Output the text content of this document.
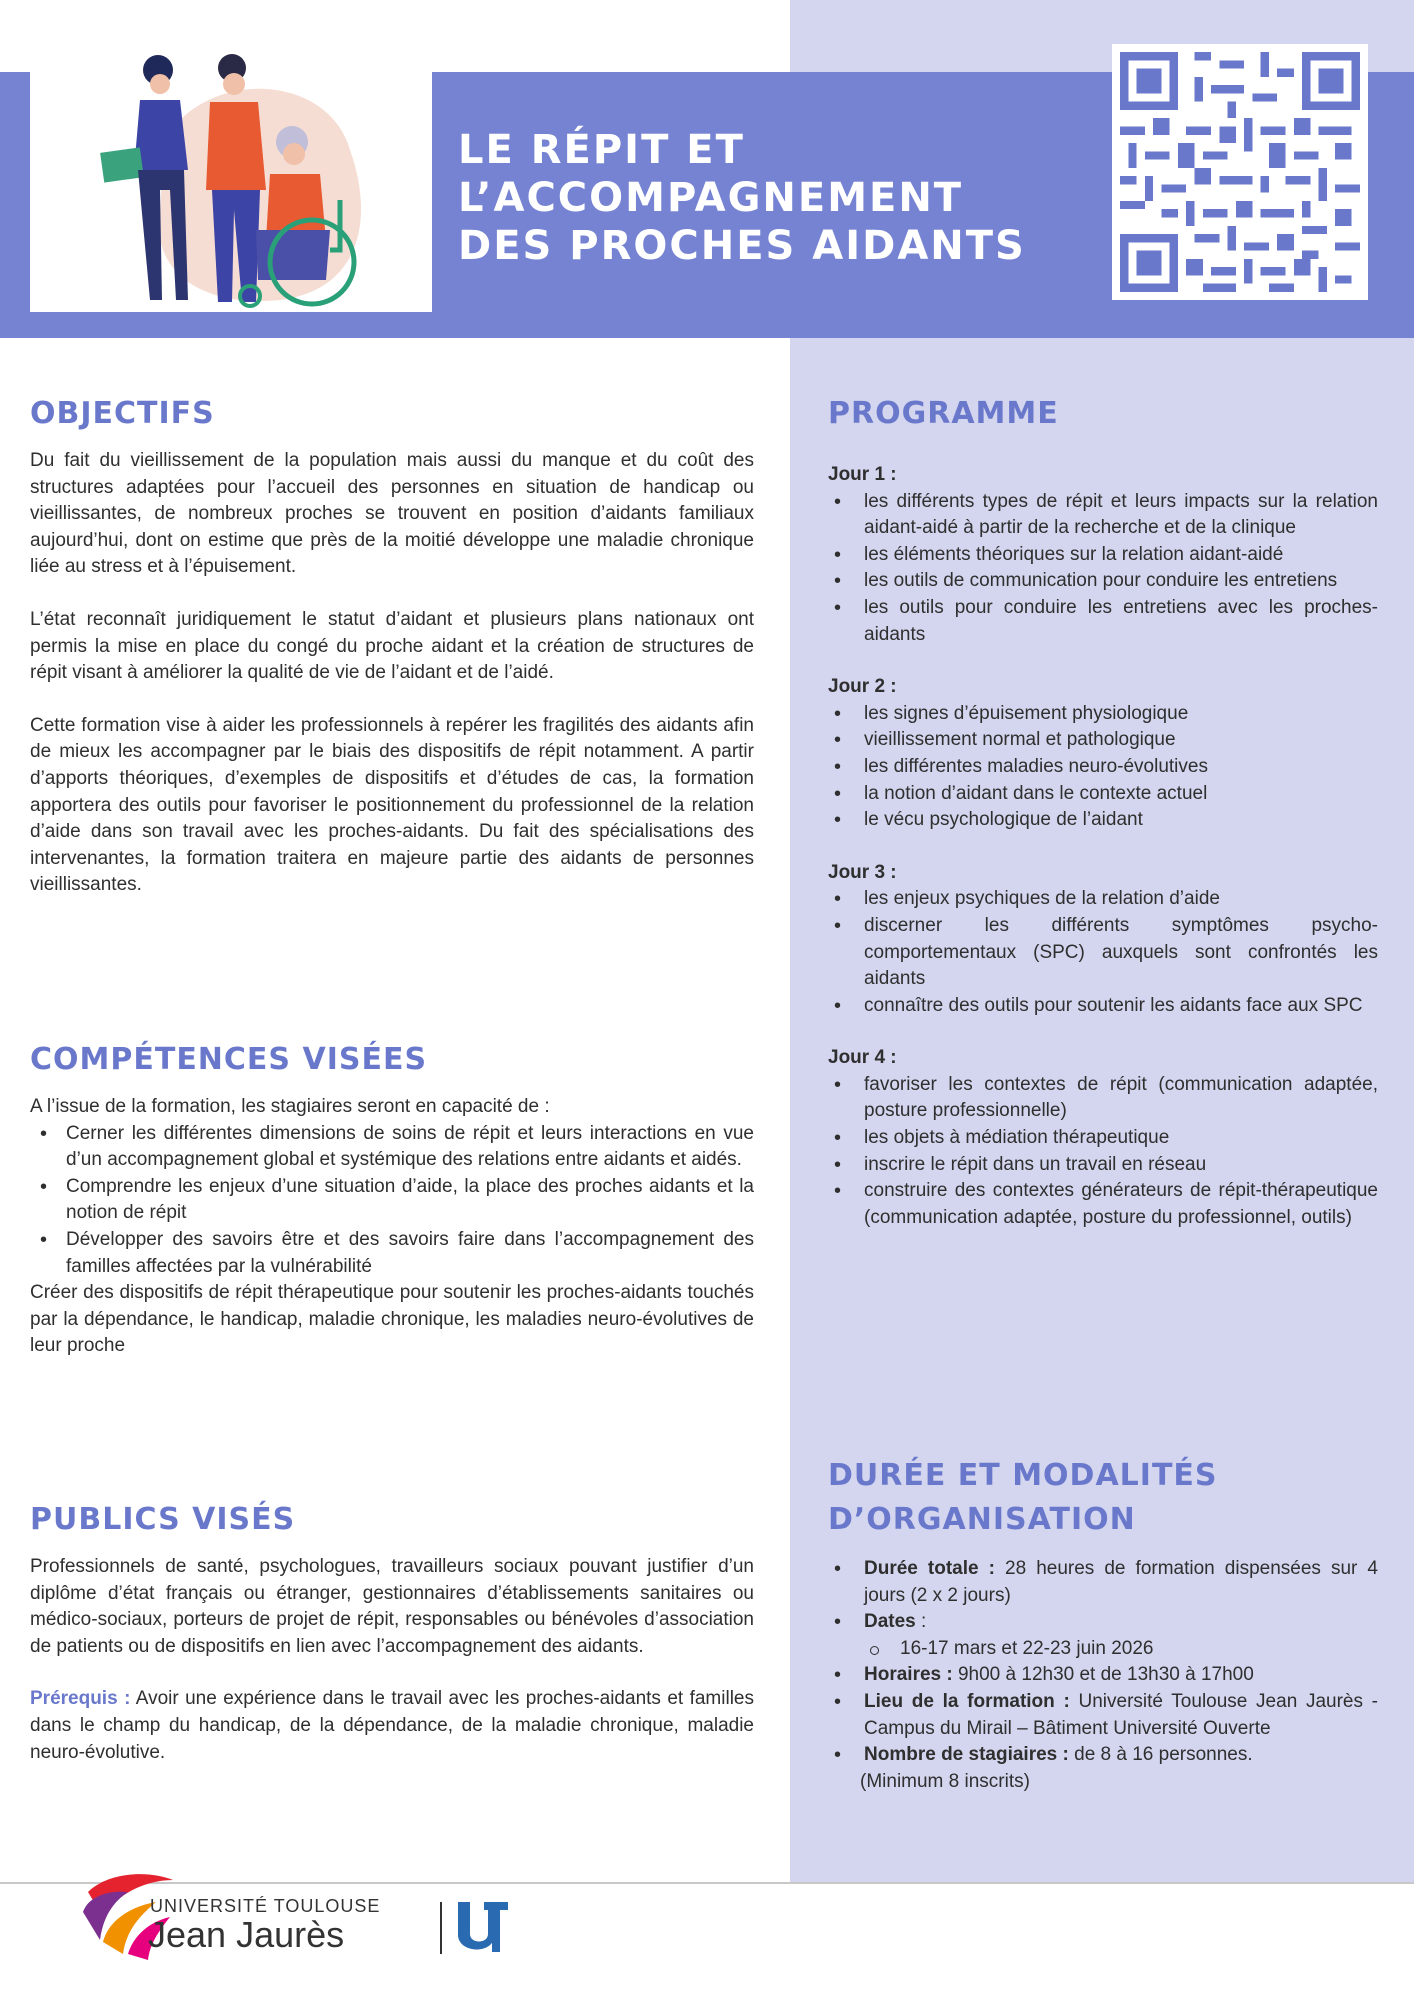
LE RÉPIT ET
L’ACCOMPAGNEMENT
DES PROCHES AIDANTS
OBJECTIFS

Du fait du vieillissement de la population mais aussi du manque et du coût des structures adaptées pour l’accueil des personnes en situation de handicap ou vieillissantes, de nombreux proches se trouvent en position d’aidants familiaux aujourd’hui, dont on estime que près de la moitié développe une maladie chronique liée au stress et à l’épuisement.

L’état reconnaît juridiquement le statut d’aidant et plusieurs plans nationaux ont permis la mise en place du congé du proche aidant et la création de structures de répit visant à améliorer la qualité de vie de l’aidant et de l’aidé.

Cette formation vise à aider les professionnels à repérer les fragilités des aidants afin de mieux les accompagner par le biais des dispositifs de répit notamment. A partir d’apports théoriques, d’exemples de dispositifs et d’études de cas, la formation apportera des outils pour favoriser le positionnement du professionnel de la relation d’aide dans son travail avec les proches-aidants. Du fait des spécialisations des intervenantes, la formation traitera en majeure partie des aidants de personnes vieillissantes.

COMPÉTENCES VISÉES
A l’issue de la formation, les stagiaires seront en capacité de :
• Cerner les différentes dimensions de soins de répit et leurs interactions en vue d’un accompagnement global et systémique des relations entre aidants et aidés.
• Comprendre les enjeux d’une situation d’aide, la place des proches aidants et la notion de répit
• Développer des savoirs être et des savoirs faire dans l’accompagnement des familles affectées par la vulnérabilité
Créer des dispositifs de répit thérapeutique pour soutenir les proches-aidants touchés par la dépendance, le handicap, maladie chronique, les maladies neuro-évolutives de leur proche
PUBLICS VISÉS

Professionnels de santé, psychologues, travailleurs sociaux pouvant justifier d’un diplôme d’état français ou étranger, gestionnaires d’établissements sanitaires ou médico-sociaux, porteurs de projet de répit, responsables ou bénévoles d’association de patients ou de dispositifs en lien avec l’accompagnement des aidants.

Prérequis : Avoir une expérience dans le travail avec les proches-aidants et familles dans le champ du handicap, de la dépendance, de la maladie chronique, maladie neuro-évolutive.

PROGRAMME
Jour 1 :
• les différents types de répit et leurs impacts sur la relation aidant-aidé à partir de la recherche et de la clinique
• les éléments théoriques sur la relation aidant-aidé
• les outils de communication pour conduire les entretiens
• les outils pour conduire les entretiens avec les proches-aidants
Jour 2 :
• les signes d’épuisement physiologique
• vieillissement normal et pathologique
• les différentes maladies neuro-évolutives
• la notion d’aidant dans le contexte actuel
• le vécu psychologique de l’aidant
Jour 3 :
• les enjeux psychiques de la relation d’aide
• discerner les différents symptômes psycho-comportementaux (SPC) auxquels sont confrontés les aidants
• connaître des outils pour soutenir les aidants face aux SPC
Jour 4 :
• favoriser les contextes de répit (communication adaptée, posture professionnelle)
• les objets à médiation thérapeutique
• inscrire le répit dans un travail en réseau
• construire des contextes générateurs de répit-thérapeutique (communication adaptée, posture du professionnel, outils)
DURÉE ET MODALITÉS
D’ORGANISATION
• Durée totale : 28 heures de formation dispensées sur 4 jours (2 x 2 jours)
• Dates :
16-17 mars et 22-23 juin 2026
• Horaires : 9h00 à 12h30 et de 13h30 à 17h00
• Lieu de la formation : Université Toulouse Jean Jaurès - Campus du Mirail – Bâtiment Université Ouverte
• Nombre de stagiaires : de 8 à 16 personnes.
(Minimum 8 inscrits)
UNIVERSITÉ TOULOUSE
Jean Jaurès
